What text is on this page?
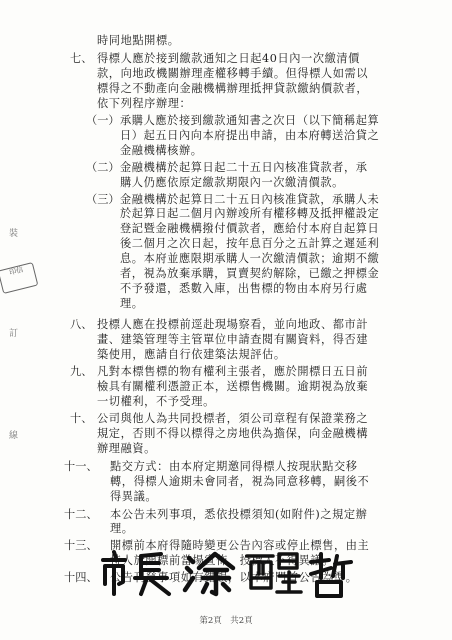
裝
訂
線
印信
時同地點開標。
七、 得標人應於接到繳款通知之日起40日內一次繳清價
款，向地政機關辦理產權移轉手續。但得標人如需以
標得之不動產向金融機構辦理抵押貸款繳納價款者，
依下列程序辦理：
（一） 承購人應於接到繳款通知書之次日（以下簡稱起算
日）起五日內向本府提出申請，由本府轉送洽貸之
金融機構核辦。
（二） 金融機構於起算日起二十五日內核准貸款者，承
購人仍應依原定繳款期限內一次繳清價款。
（三） 金融機構於起算日二十五日內核准貸款，承購人未
於起算日起二個月內辦竣所有權移轉及抵押權設定
登記暨金融機構撥付價款者，應給付本府自起算日
後二個月之次日起，按年息百分之五計算之遲延利
息。本府並應限期承購人一次繳清價款；逾期不繳
者，視為放棄承購，買賣契約解除，已繳之押標金
不予發還，悉數入庫，出售標的物由本府另行處
理。
八、 投標人應在投標前逕赴現場察看，並向地政、都市計
畫、建築管理等主管單位申請查閱有關資料，得否建
築使用，應請自行依建築法規評估。
九、 凡對本標售標的物有權利主張者，應於開標日五日前
檢具有關權利憑證正本，送標售機關。逾期視為放棄
一切權利，不予受理。
十、 公司與他人為共同投標者，須公司章程有保證業務之
規定，否則不得以標得之房地供為擔保，向金融機構
辦理融資。
十一、 點交方式：由本府定期邀同得標人按現狀點交移
轉，得標人逾期未會同者，視為同意移轉，嗣後不
得異議。
十二、 本公告未列事項，悉依投標須知(如附件)之規定辦
理。
十三、 開標前本府得隨時變更公告內容或停止標售，由主
持人於開標前當場宣佈，投標人不得異議。
十四、 公告刊登事項如有錯誤，以本府門首公告為準。
第2頁　共2頁
